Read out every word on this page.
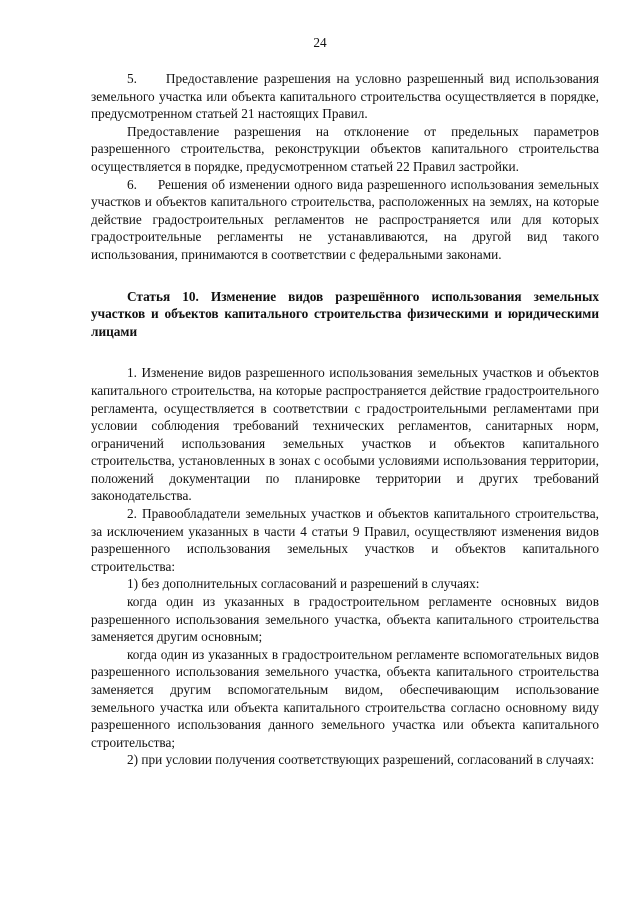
24

5.     Предоставление разрешения на условно разрешенный вид использования земельного участка или объекта капитального строительства осуществляется в порядке, предусмотренном статьей 21 настоящих Правил.

Предоставление разрешения на отклонение от предельных параметров разрешенного строительства, реконструкции объектов капитального строительства осуществляется в порядке, предусмотренном статьей 22 Правил застройки.

6.     Решения об изменении одного вида разрешенного использования земельных участков и объектов капитального строительства, расположенных на землях, на которые действие градостроительных регламентов не распространяется или для которых градостроительные регламенты не устанавливаются, на другой вид такого использования, принимаются в соответствии с федеральными законами.

Статья 10. Изменение видов разрешённого использования земельных участков и объектов капитального строительства физическими и юридическими лицами

1. Изменение видов разрешенного использования земельных участков и объектов капитального строительства, на которые распространяется действие градостроительного регламента, осуществляется в соответствии с градостроительными регламентами при условии соблюдения требований технических регламентов, санитарных норм, ограничений использования земельных участков и объектов капитального строительства, установленных в зонах с особыми условиями использования территории, положений документации по планировке территории и других требований законодательства.

2. Правообладатели земельных участков и объектов капитального строительства, за исключением указанных в части 4 статьи 9 Правил, осуществляют изменения видов разрешенного использования земельных участков и объектов капитального строительства:

1) без дополнительных согласований и разрешений в случаях:

когда один из указанных в градостроительном регламенте основных видов разрешенного использования земельного участка, объекта капитального строительства заменяется другим основным;

когда один из указанных в градостроительном регламенте вспомогательных видов разрешенного использования земельного участка, объекта капитального строительства заменяется другим вспомогательным видом, обеспечивающим использование земельного участка или объекта капитального строительства согласно основному виду разрешенного использования данного земельного участка или объекта капитального строительства;

2) при условии получения соответствующих разрешений, согласований в случаях:
